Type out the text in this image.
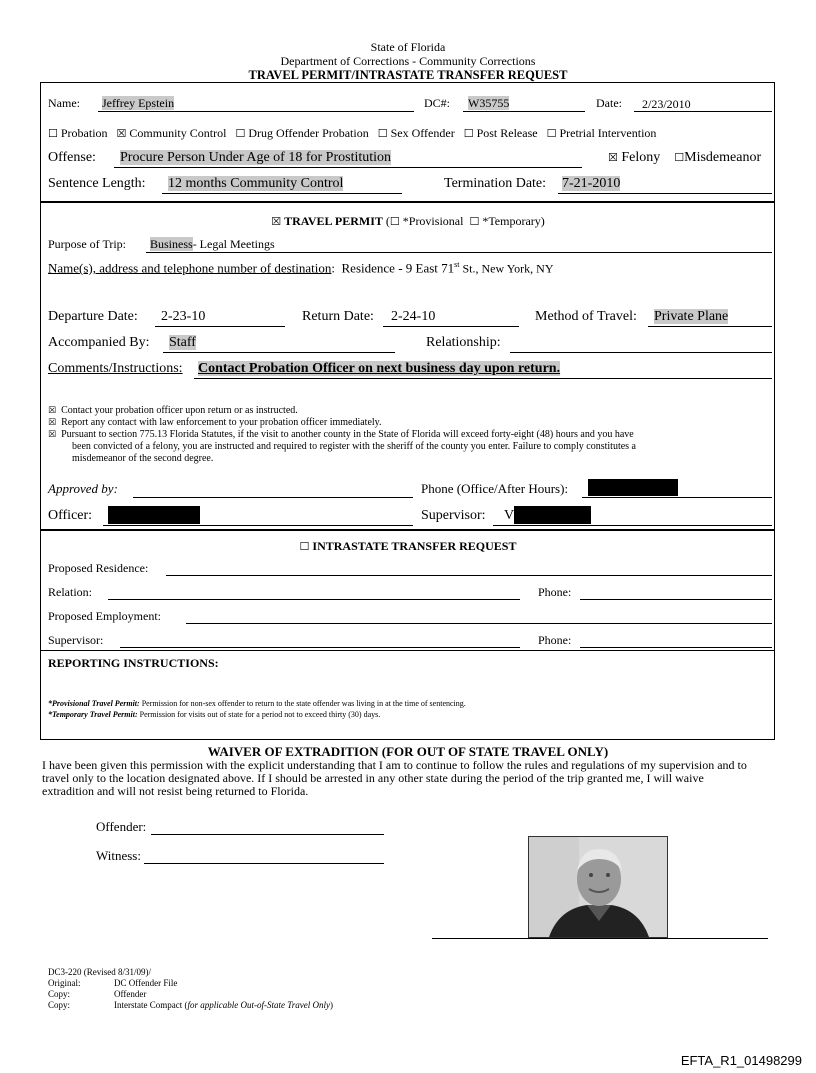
State of Florida
Department of Corrections - Community Corrections
TRAVEL PERMIT/INTRASTATE TRANSFER REQUEST
Name: Jeffrey Epstein	DC#: W35755	Date: 2/23/2010
☐ Probation ☒ Community Control ☐ Drug Offender Probation ☐ Sex Offender ☐ Post Release ☐ Pretrial Intervention
Offense: Procure Person Under Age of 18 for Prostitution	☒ Felony ☐Misdemeanor
Sentence Length: 12 months Community Control	Termination Date: 7-21-2010
☒ TRAVEL PERMIT (☐ *Provisional ☐ *Temporary)
Purpose of Trip: Business- Legal Meetings
Name(s), address and telephone number of destination:  Residence - 9 East 71st St., New York, NY
Departure Date: 2-23-10	Return Date: 2-24-10	Method of Travel: Private Plane
Accompanied By: Staff	Relationship:
Comments/Instructions: Contact Probation Officer on next business day upon return.
☒ Contact your probation officer upon return or as instructed.
☒ Report any contact with law enforcement to your probation officer immediately.
☒ Pursuant to section 775.13 Florida Statutes, if the visit to another county in the State of Florida will exceed forty-eight (48) hours and you have
been convicted of a felony, you are instructed and required to register with the sheriff of the county you enter. Failure to comply constitutes a
misdemeanor of the second degree.
Approved by:	Phone (Office/After Hours):
Officer:	Supervisor: V
☐ INTRASTATE TRANSFER REQUEST
Proposed Residence:
Relation:	Phone:
Proposed Employment:
Supervisor:	Phone:
REPORTING INSTRUCTIONS:
*Provisional Travel Permit: Permission for non-sex offender to return to the state offender was living in at the time of sentencing.
*Temporary Travel Permit: Permission for visits out of state for a period not to exceed thirty (30) days.
WAIVER OF EXTRADITION (FOR OUT OF STATE TRAVEL ONLY)
I have been given this permission with the explicit understanding that I am to continue to follow the rules and regulations of my supervision and to
travel only to the location designated above. If I should be arrested in any other state during the period of the trip granted me, I will waive
extradition and will not resist being returned to Florida.
Offender:
Witness:
DC3-220 (Revised 8/31/09)/
Original:	DC Offender File
Copy:	Offender
Copy:	Interstate Compact (for applicable Out-of-State Travel Only)
EFTA_R1_01498299
